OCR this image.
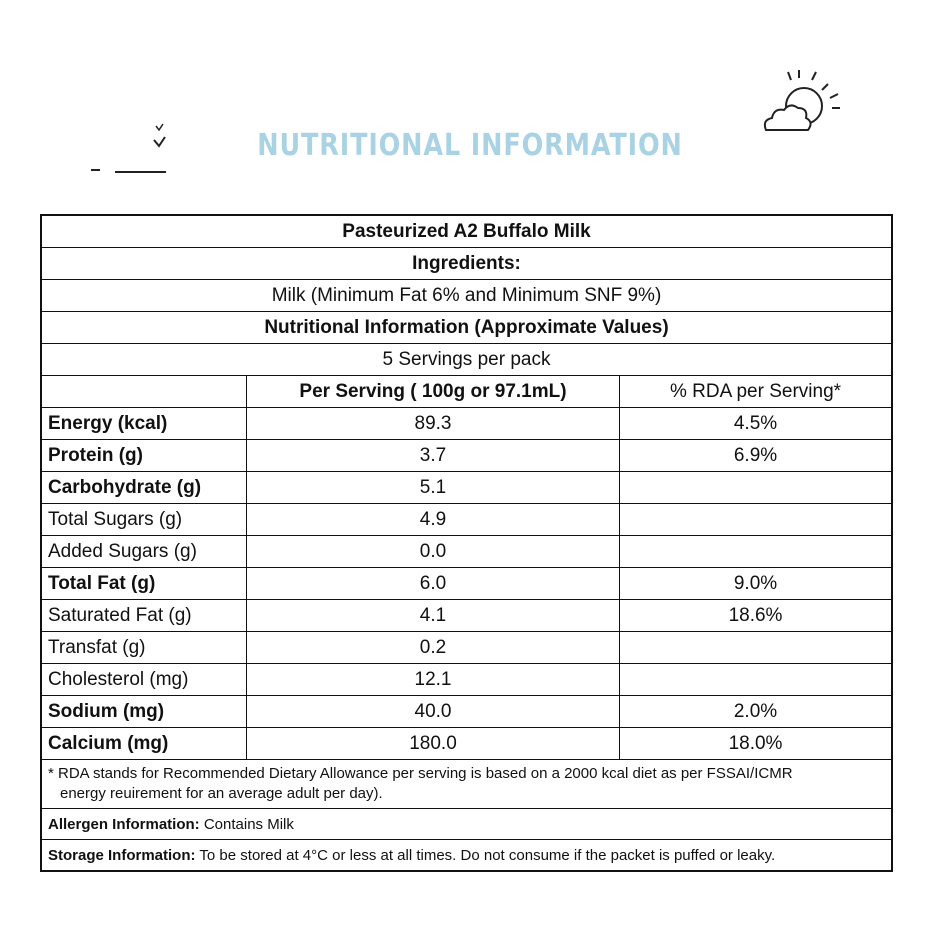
NUTRITIONAL INFORMATION
Pasteurized A2 Buffalo Milk		
Ingredients:		
Milk (Minimum Fat 6% and Minimum SNF 9%)		
Nutritional Information (Approximate Values)		
5 Servings per pack		
	Per Serving ( 100g or 97.1mL)	% RDA per Serving*
Energy (kcal)	89.3	4.5%
Protein (g)	3.7	6.9%
Carbohydrate (g)	5.1	
Total Sugars (g)	4.9	
Added Sugars (g)	0.0	
Total Fat (g)	6.0	9.0%
Saturated Fat (g)	4.1	18.6%
Transfat (g)	0.2	
Cholesterol (mg)	12.1	
Sodium (mg)	40.0	2.0%
Calcium (mg)	180.0	18.0%

* RDA stands for Recommended Dietary Allowance per serving is based on a 2000 kcal diet as per FSSAI/ICMR
energy reuirement for an average adult per day).		

Allergen Information: Contains Milk		
Storage Information: To be stored at 4°C or less at all times. Do not consume if the packet is puffed or leaky.		
